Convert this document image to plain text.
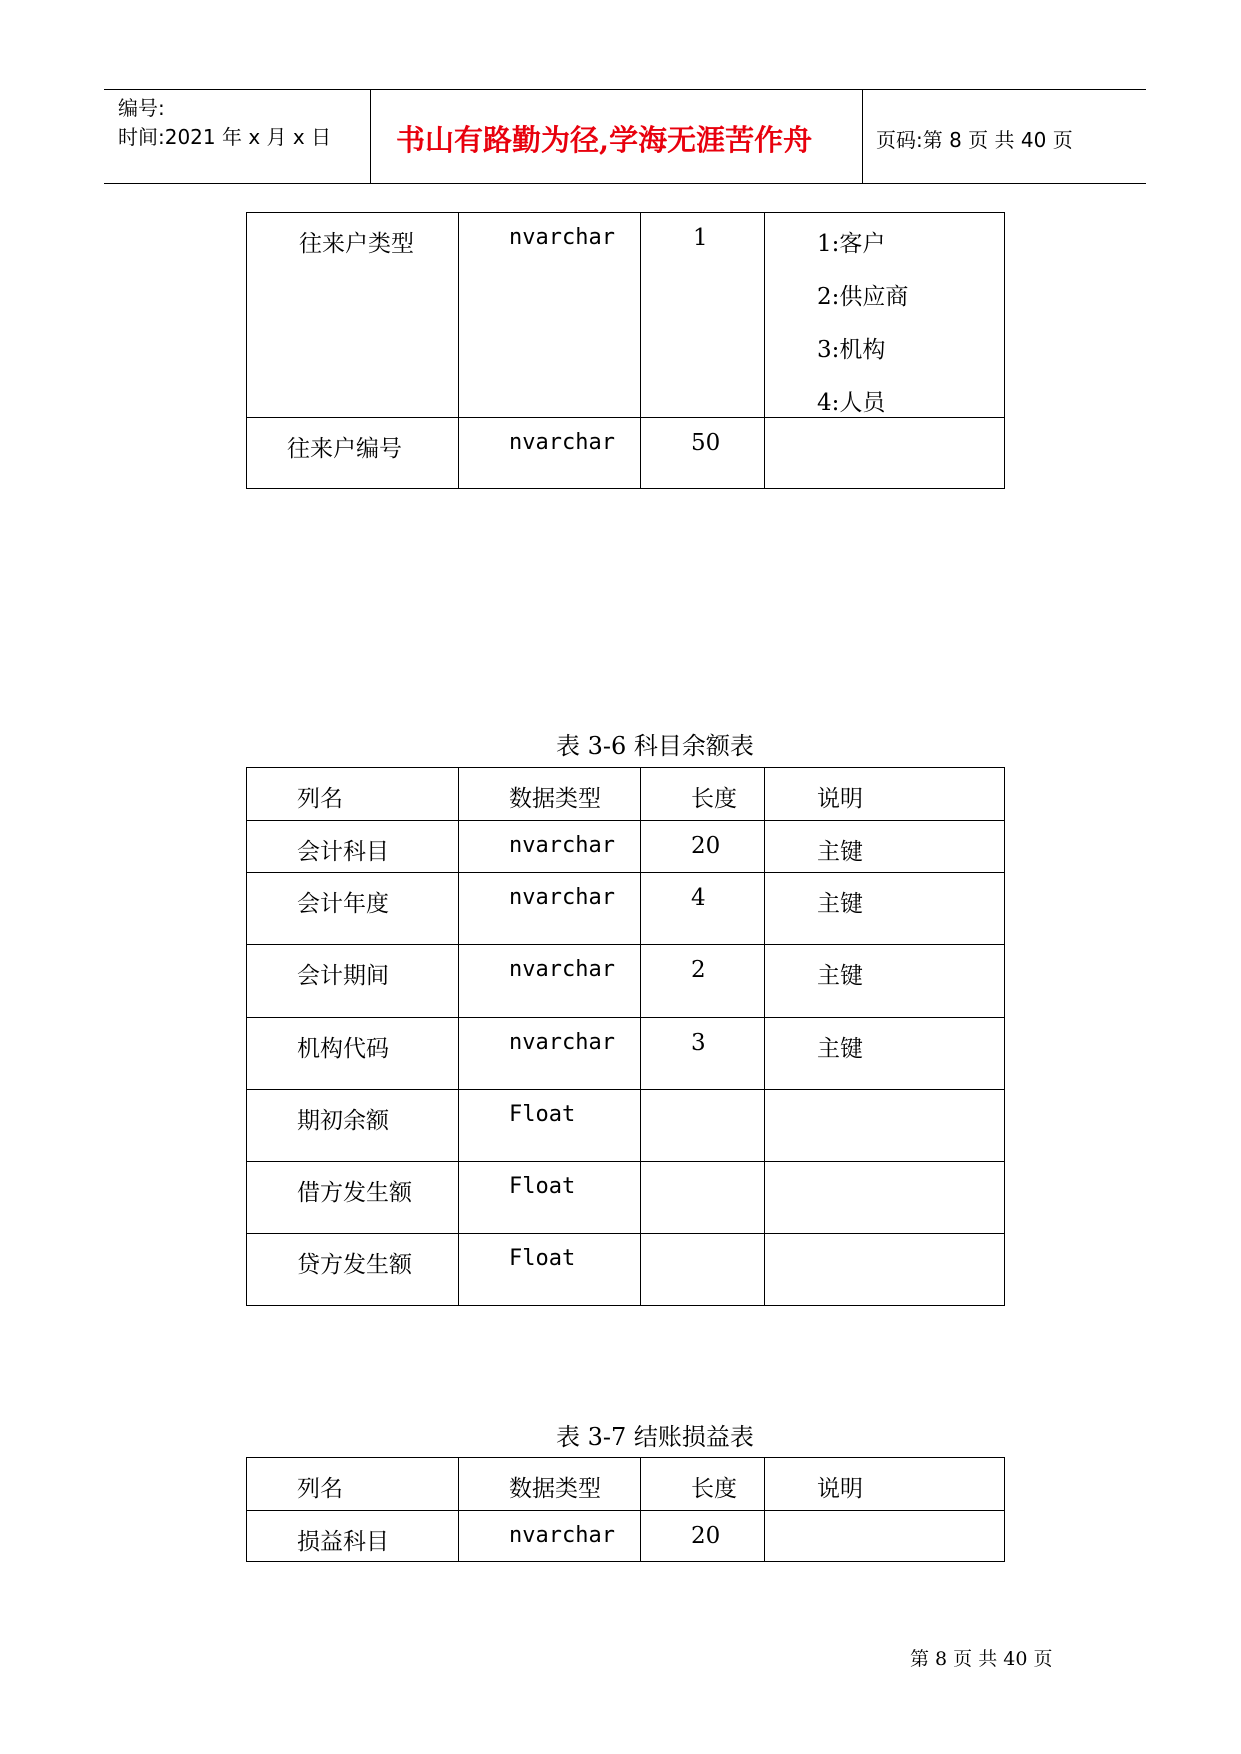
编号:
时间:2021 年 x 月 x 日 书山有路勤为径,学海无涯苦作舟	页码:第 8 页 共 40 页
往来户类型	nvarchar	1	1:客户
2:供应商
3:机构
4:人员

往来户编号	nvarchar	50	

表 3-6 科目余额表
列名	数据类型	长度	说明

会计科目	nvarchar	20	主键

会计年度	nvarchar	4	主键

会计期间	nvarchar	2	主键

机构代码	nvarchar	3	主键

期初余额	Float		

借方发生额	Float		

贷方发生额	Float		

表 3-7 结账损益表
列名	数据类型	长度	说明

损益科目	nvarchar	20	

第 8 页 共 40 页
